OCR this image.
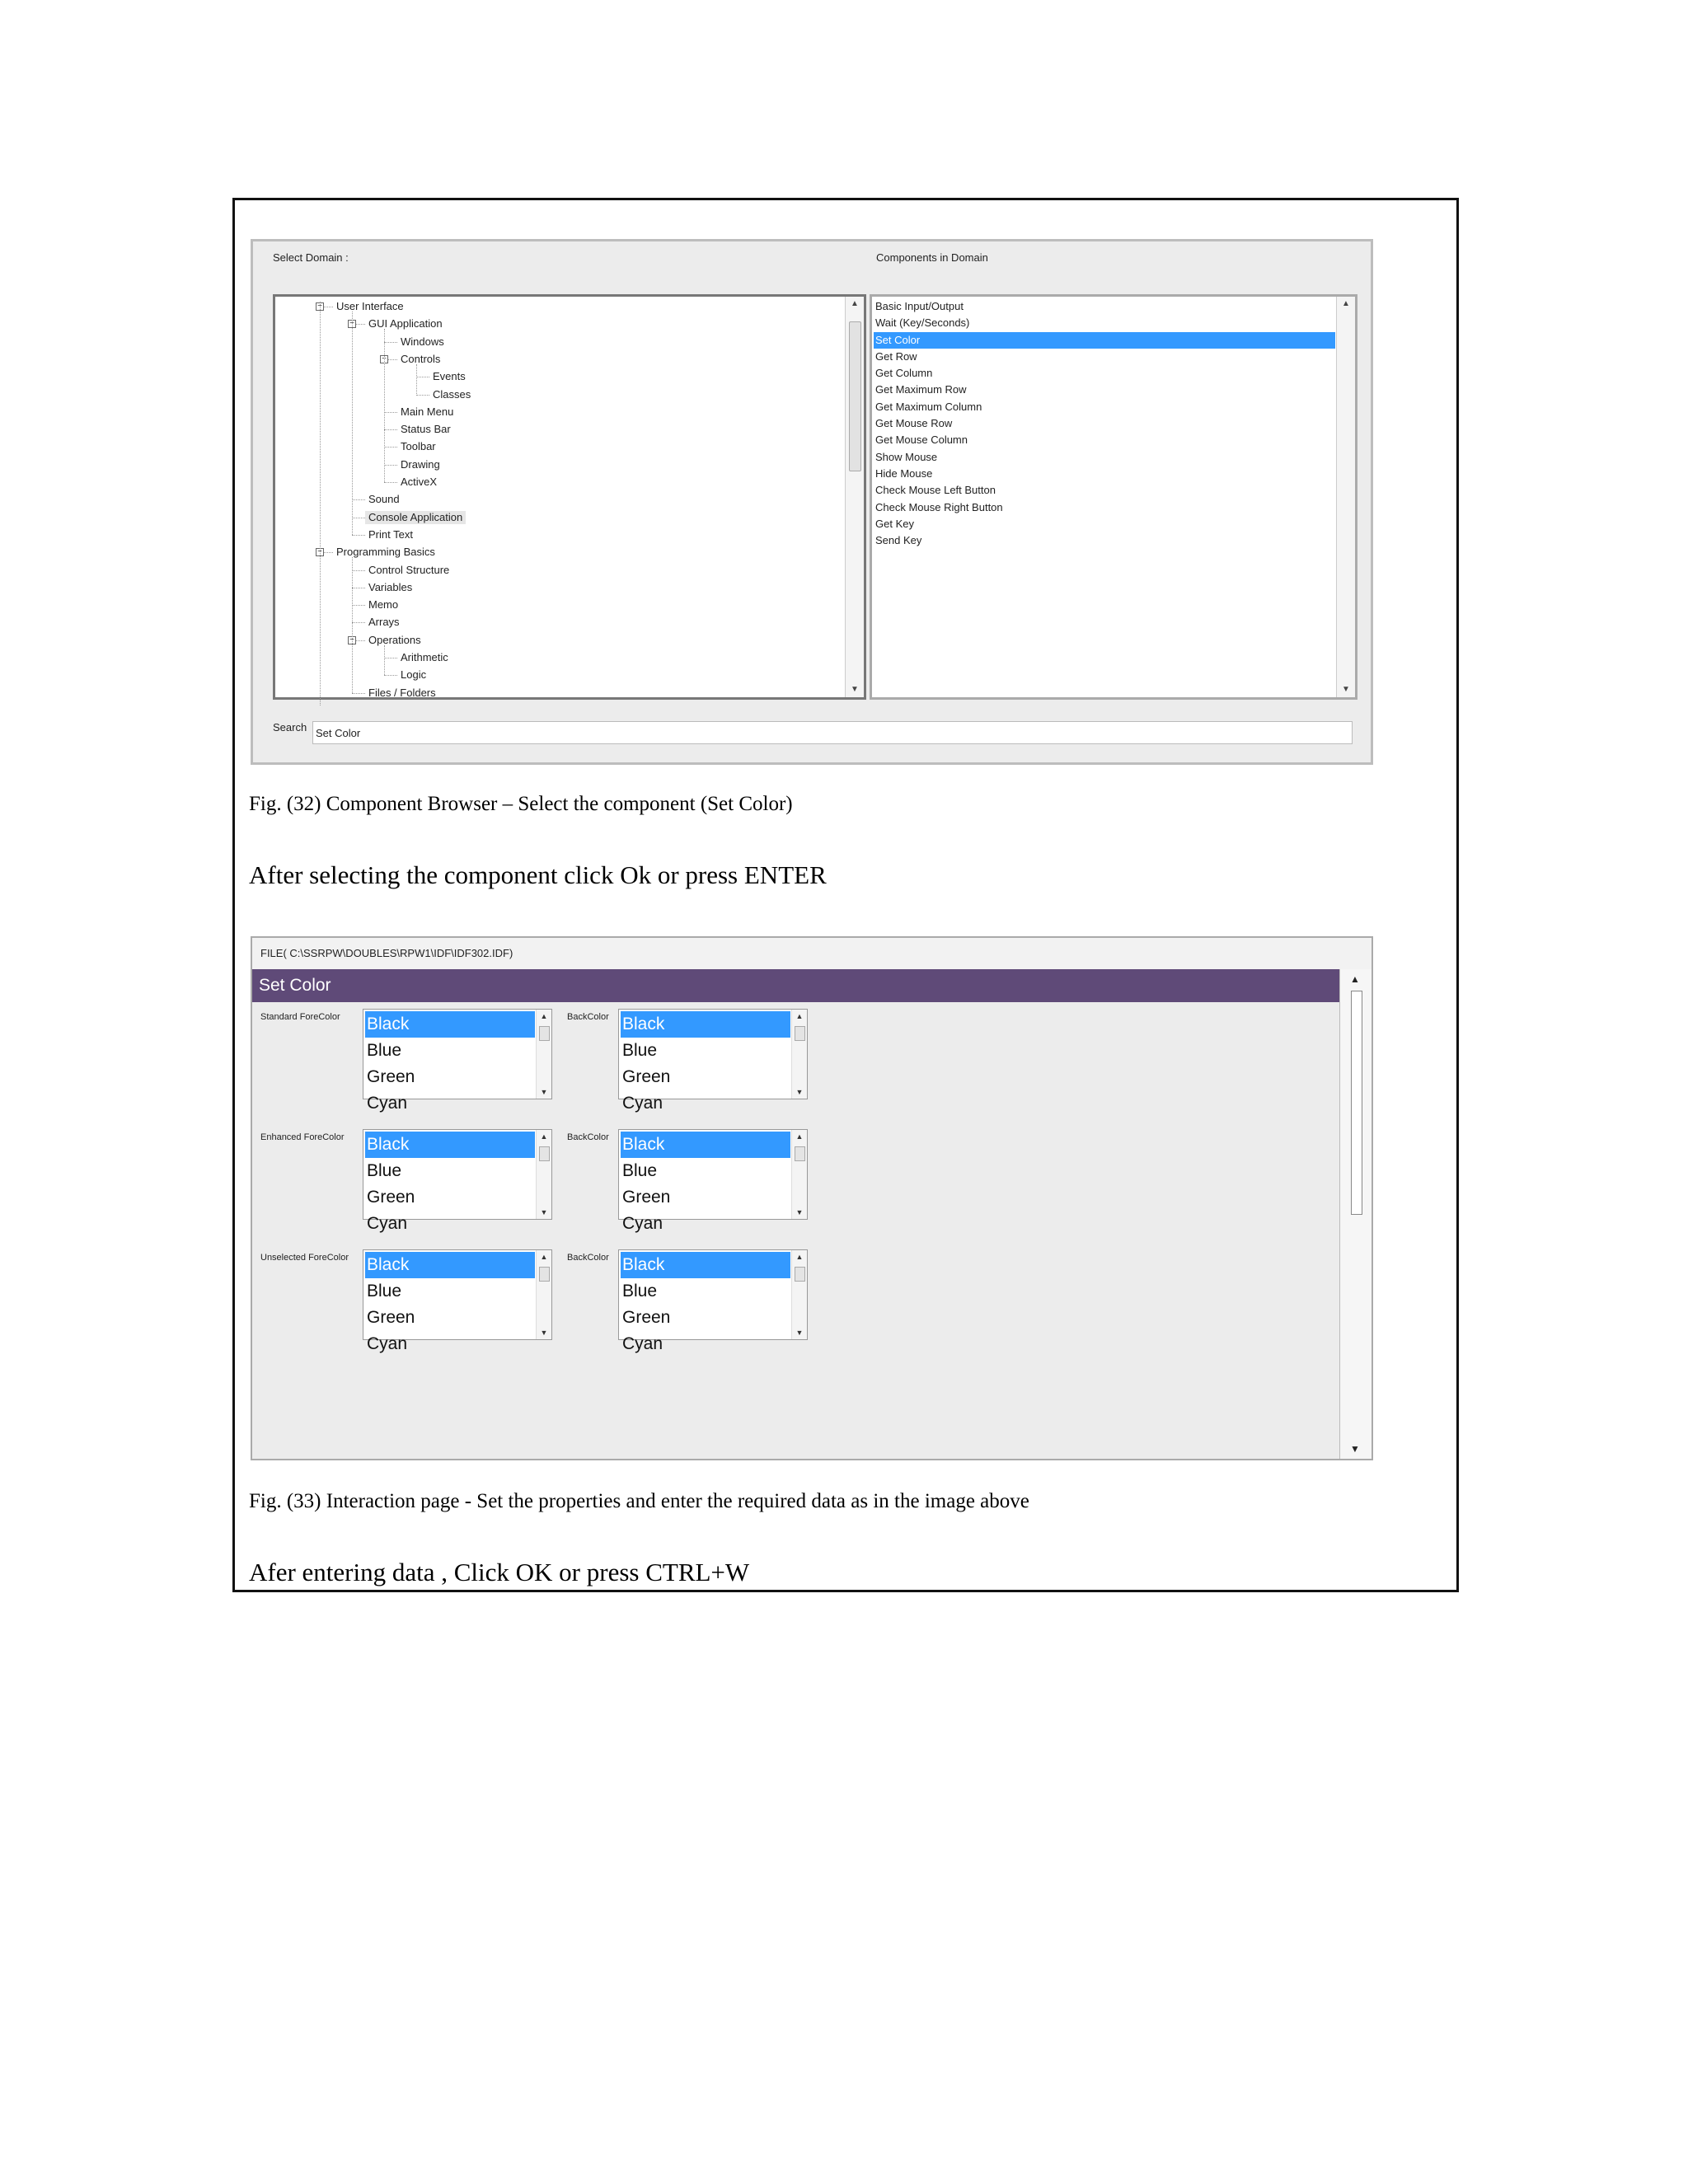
Select Domain :	Components in Domain
− User Interface
− GUI Application
Windows
− Controls
Events
Classes
Main Menu
Status Bar
Toolbar
Drawing
ActiveX
Sound
Console Application
Print Text
− Programming Basics
Control Structure
Variables
Memo
Arrays
− Operations
Arithmetic
Logic
Files / Folders
▲
▼
Basic Input/Output
Wait (Key/Seconds)
Set Color
Get Row
Get Column
Get Maximum Row
Get Maximum Column
Get Mouse Row
Get Mouse Column
Show Mouse
Hide Mouse
Check Mouse Left Button
Check Mouse Right Button
Get Key
Send Key
▲
▼
Search
Set Color
Fig. (32) Component Browser – Select the component (Set Color)
After selecting the component click Ok or press ENTER
FILE( C:\SSRPW\DOUBLES\RPW1\IDF\IDF302.IDF)
Set Color	▲
▼
Standard ForeColor Black
Blue
Green
Cyan
▲
▼
BackColor Black
Blue
Green
Cyan
▲
▼
Enhanced ForeColor Black
Blue
Green
Cyan
▲
▼
BackColor Black
Blue
Green
Cyan
▲
▼
Unselected ForeColor Black
Blue
Green
Cyan
▲
▼
BackColor Black
Blue
Green
Cyan
▲
▼
Fig. (33) Interaction page - Set the properties and enter the required data as in the image above
Afer entering data , Click OK or press CTRL+W
